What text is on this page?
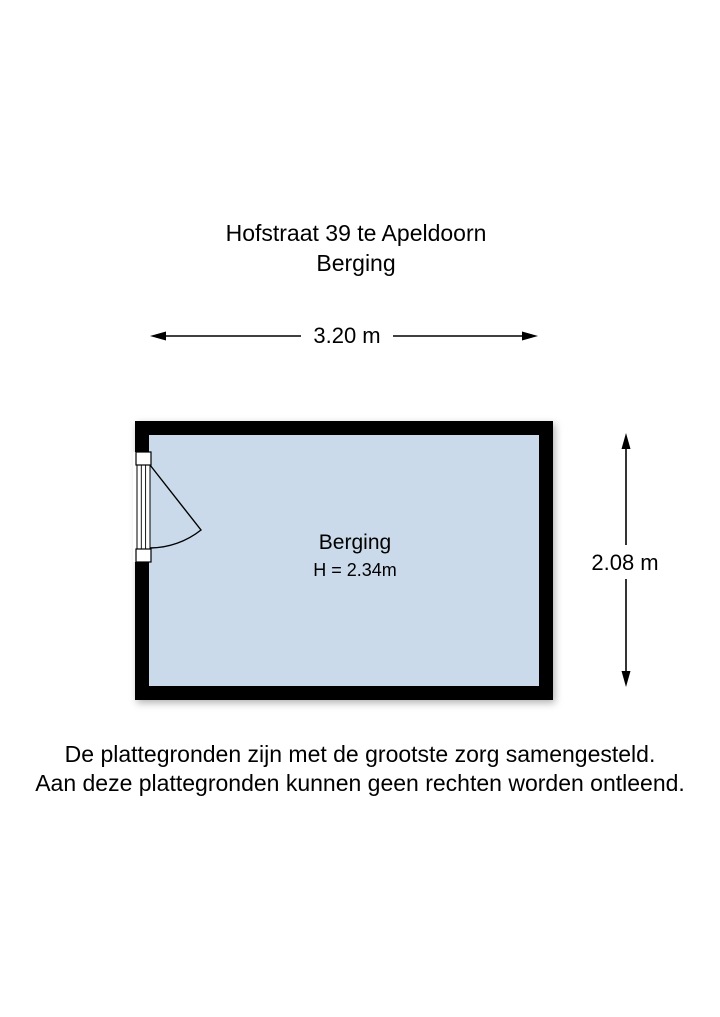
Hofstraat 39 te Apeldoorn
Berging
3.20 m
2.08 m
Berging
H = 2.34m
De plattegronden zijn met de grootste zorg samengesteld.
Aan deze plattegronden kunnen geen rechten worden ontleend.
